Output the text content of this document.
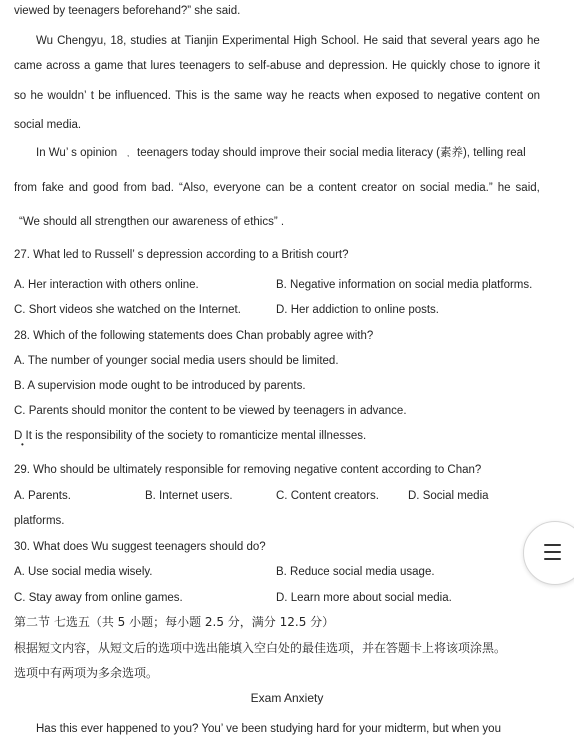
viewed by teenagers beforehand?” she said.
Wu Chengyu, 18, studies at Tianjin Experimental High School. He said that several years ago he
came across a game that lures teenagers to self-abuse and depression. He quickly chose to ignore it
so he wouldn’ t be influenced. This is the same way he reacts when exposed to negative content on
social media.
In Wu’ s opinion , teenagers today should improve their social media literacy (素养), telling real
from fake and good from bad. “Also, everyone can be a content creator on social media.” he said,
“We should all strengthen our awareness of ethics” .
27. What led to Russell’ s depression according to a British court?
A. Her interaction with others online.	B. Negative information on social media platforms.
C. Short videos she watched on the Internet.	D. Her addiction to online posts.
28. Which of the following statements does Chan probably agree with?
A. The number of younger social media users should be limited.
B. A supervision mode ought to be introduced by parents.
C. Parents should monitor the content to be viewed by teenagers in advance.
D It is the responsibility of the society to romanticize mental illnesses.
•
29. Who should be ultimately responsible for removing negative content according to Chan?
A. Parents.	B. Internet users.	C. Content creators.	D. Social media
platforms.
30. What does Wu suggest teenagers should do?
A. Use social media wisely.	B. Reduce social media usage.
C. Stay away from online games.	D. Learn more about social media.
第二节 七选五（共 5 小题；每小题 2.5 分，满分 12.5 分）
根据短文内容，从短文后的选项中选出能填入空白处的最佳选项，并在答题卡上将该项涂黑。
选项中有两项为多余选项。
Exam Anxiety
Has this ever happened to you? You’ ve been studying hard for your midterm, but when you
